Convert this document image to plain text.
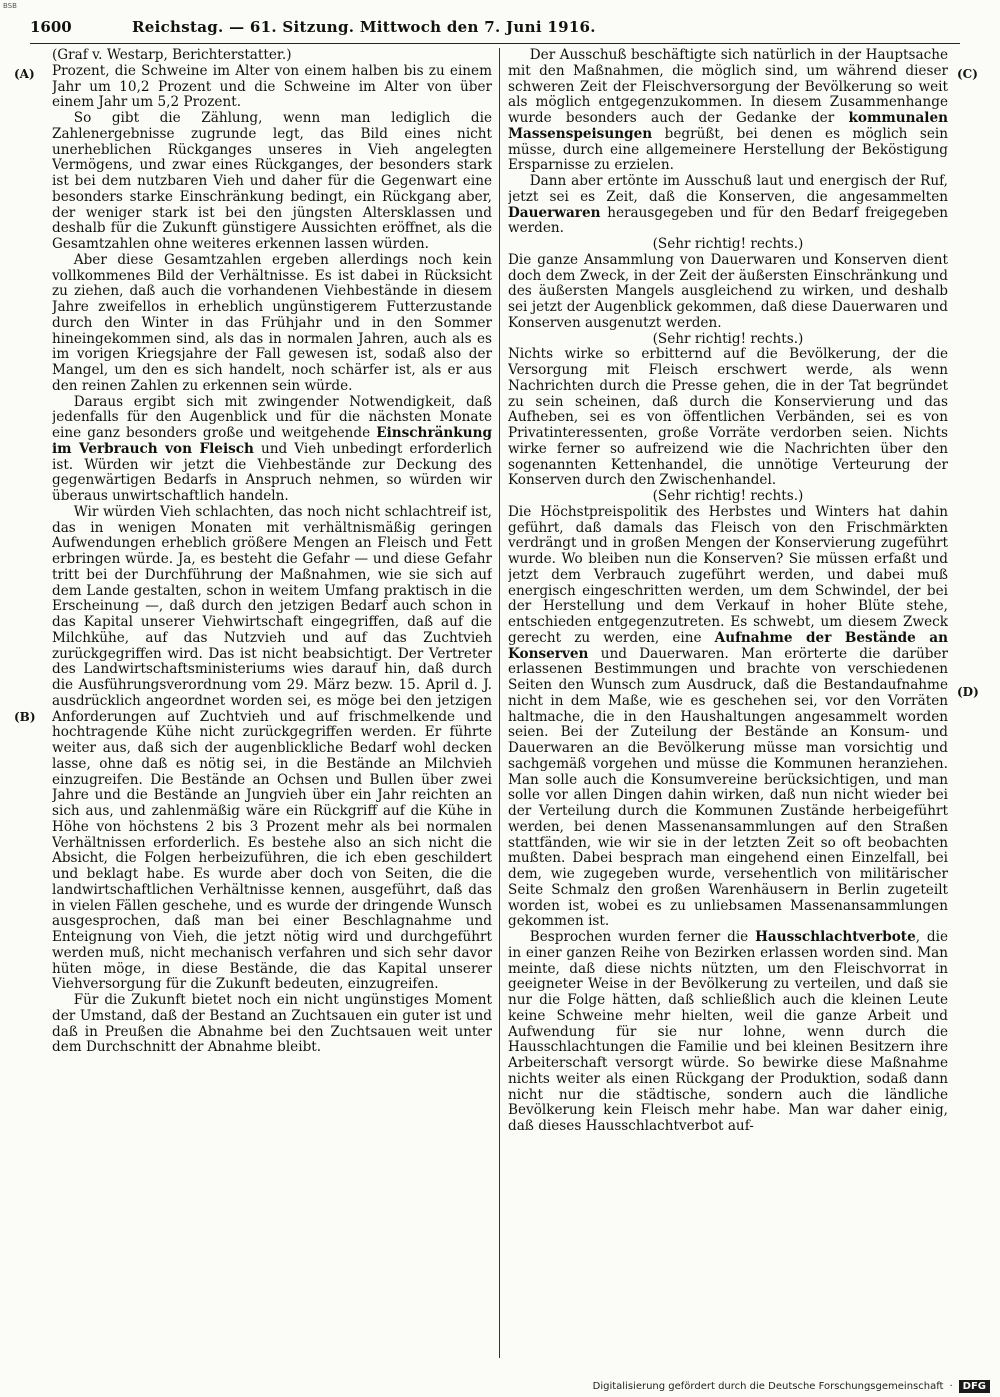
BSB
1600	Reichstag. — 61. Sitzung. Mittwoch den 7. Juni 1916.
(A)
(B)
(C)
(D)

(Graf v. Westarp, Berichterstatter.)

Prozent, die Schweine im Alter von einem halben bis zu einem Jahr um 10,2 Prozent und die Schweine im Alter von über einem Jahr um 5,2 Prozent.

So gibt die Zählung, wenn man lediglich die Zahlenergebnisse zugrunde legt, das Bild eines nicht unerheblichen Rückganges unseres in Vieh angelegten Vermögens, und zwar eines Rückganges, der besonders stark ist bei dem nutzbaren Vieh und daher für die Gegenwart eine besonders starke Einschränkung bedingt, ein Rückgang aber, der weniger stark ist bei den jüngsten Altersklassen und deshalb für die Zukunft günstigere Aussichten eröffnet, als die Gesamtzahlen ohne weiteres erkennen lassen würden.

Aber diese Gesamtzahlen ergeben allerdings noch kein vollkommenes Bild der Verhältnisse. Es ist dabei in Rücksicht zu ziehen, daß auch die vorhandenen Viehbestände in diesem Jahre zweifellos in erheblich ungünstigerem Futterzustande durch den Winter in das Frühjahr und in den Sommer hineingekommen sind, als das in normalen Jahren, auch als es im vorigen Kriegsjahre der Fall gewesen ist, sodaß also der Mangel, um den es sich handelt, noch schärfer ist, als er aus den reinen Zahlen zu erkennen sein würde.

Daraus ergibt sich mit zwingender Notwendigkeit, daß jedenfalls für den Augenblick und für die nächsten Monate eine ganz besonders große und weitgehende Einschränkung im Verbrauch von Fleisch und Vieh unbedingt erforderlich ist. Würden wir jetzt die Viehbestände zur Deckung des gegenwärtigen Bedarfs in Anspruch nehmen, so würden wir überaus unwirtschaftlich handeln.

Wir würden Vieh schlachten, das noch nicht schlachtreif ist, das in wenigen Monaten mit verhältnismäßig geringen Aufwendungen erheblich größere Mengen an Fleisch und Fett erbringen würde. Ja, es besteht die Gefahr — und diese Gefahr tritt bei der Durchführung der Maßnahmen, wie sie sich auf dem Lande gestalten, schon in weitem Umfang praktisch in die Erscheinung —, daß durch den jetzigen Bedarf auch schon in das Kapital unserer Viehwirtschaft eingegriffen, daß auf die Milchkühe, auf das Nutzvieh und auf das Zuchtvieh zurückgegriffen wird. Das ist nicht beabsichtigt. Der Vertreter des Landwirtschaftsministeriums wies darauf hin, daß durch die Ausführungsverordnung vom 29. März bezw. 15. April d. J. ausdrücklich angeordnet worden sei, es möge bei den jetzigen Anforderungen auf Zuchtvieh und auf frischmelkende und hochtragende Kühe nicht zurückgegriffen werden. Er führte weiter aus, daß sich der augenblickliche Bedarf wohl decken lasse, ohne daß es nötig sei, in die Bestände an Milchvieh einzugreifen. Die Bestände an Ochsen und Bullen über zwei Jahre und die Bestände an Jungvieh über ein Jahr reichten an sich aus, und zahlenmäßig wäre ein Rückgriff auf die Kühe in Höhe von höchstens 2 bis 3 Prozent mehr als bei normalen Verhältnissen erforderlich. Es bestehe also an sich nicht die Absicht, die Folgen herbeizuführen, die ich eben geschildert und beklagt habe. Es wurde aber doch von Seiten, die die landwirtschaftlichen Verhältnisse kennen, ausgeführt, daß das in vielen Fällen geschehe, und es wurde der dringende Wunsch ausgesprochen, daß man bei einer Beschlagnahme und Enteignung von Vieh, die jetzt nötig wird und durchgeführt werden muß, nicht mechanisch verfahren und sich sehr davor hüten möge, in diese Bestände, die das Kapital unserer Viehversorgung für die Zukunft bedeuten, einzugreifen.

Für die Zukunft bietet noch ein nicht ungünstiges Moment der Umstand, daß der Bestand an Zuchtsauen ein guter ist und daß in Preußen die Abnahme bei den Zuchtsauen weit unter dem Durchschnitt der Abnahme bleibt.

Der Ausschuß beschäftigte sich natürlich in der Hauptsache mit den Maßnahmen, die möglich sind, um während dieser schweren Zeit der Fleischversorgung der Bevölkerung so weit als möglich entgegenzukommen. In diesem Zusammenhange wurde besonders auch der Gedanke der kommunalen Massenspeisungen begrüßt, bei denen es möglich sein müsse, durch eine allgemeinere Herstellung der Beköstigung Ersparnisse zu erzielen.

Dann aber ertönte im Ausschuß laut und energisch der Ruf, jetzt sei es Zeit, daß die Konserven, die angesammelten Dauerwaren herausgegeben und für den Bedarf freigegeben werden.

(Sehr richtig! rechts.)

Die ganze Ansammlung von Dauerwaren und Konserven dient doch dem Zweck, in der Zeit der äußersten Einschränkung und des äußersten Mangels ausgleichend zu wirken, und deshalb sei jetzt der Augenblick gekommen, daß diese Dauerwaren und Konserven ausgenutzt werden.

(Sehr richtig! rechts.)

Nichts wirke so erbitternd auf die Bevölkerung, der die Versorgung mit Fleisch erschwert werde, als wenn Nachrichten durch die Presse gehen, die in der Tat begründet zu sein scheinen, daß durch die Konservierung und das Aufheben, sei es von öffentlichen Verbänden, sei es von Privatinteressenten, große Vorräte verdorben seien. Nichts wirke ferner so aufreizend wie die Nachrichten über den sogenannten Kettenhandel, die unnötige Verteurung der Konserven durch den Zwischenhandel.

(Sehr richtig! rechts.)

Die Höchstpreispolitik des Herbstes und Winters hat dahin geführt, daß damals das Fleisch von den Frischmärkten verdrängt und in großen Mengen der Konservierung zugeführt wurde. Wo bleiben nun die Konserven? Sie müssen erfaßt und jetzt dem Verbrauch zugeführt werden, und dabei muß energisch eingeschritten werden, um dem Schwindel, der bei der Herstellung und dem Verkauf in hoher Blüte stehe, entschieden entgegenzutreten. Es schwebt, um diesem Zweck gerecht zu werden, eine Aufnahme der Bestände an Konserven und Dauerwaren. Man erörterte die darüber erlassenen Bestimmungen und brachte von verschiedenen Seiten den Wunsch zum Ausdruck, daß die Bestandaufnahme nicht in dem Maße, wie es geschehen sei, vor den Vorräten haltmache, die in den Haushaltungen angesammelt worden seien. Bei der Zuteilung der Bestände an Konsum- und Dauerwaren an die Bevölkerung müsse man vorsichtig und sachgemäß vorgehen und müsse die Kommunen heranziehen. Man solle auch die Konsumvereine berücksichtigen, und man solle vor allen Dingen dahin wirken, daß nun nicht wieder bei der Verteilung durch die Kommunen Zustände herbeigeführt werden, bei denen Massenansammlungen auf den Straßen stattfänden, wie wir sie in der letzten Zeit so oft beobachten mußten. Dabei besprach man eingehend einen Einzelfall, bei dem, wie zugegeben wurde, versehentlich von militärischer Seite Schmalz den großen Warenhäusern in Berlin zugeteilt worden ist, wobei es zu unliebsamen Massenansammlungen gekommen ist.

Besprochen wurden ferner die Hausschlachtverbote, die in einer ganzen Reihe von Bezirken erlassen worden sind. Man meinte, daß diese nichts nützten, um den Fleischvorrat in geeigneter Weise in der Bevölkerung zu verteilen, und daß sie nur die Folge hätten, daß schließlich auch die kleinen Leute keine Schweine mehr hielten, weil die ganze Arbeit und Aufwendung für sie nur lohne, wenn durch die Hausschlachtungen die Familie und bei kleinen Besitzern ihre Arbeiterschaft versorgt würde. So bewirke diese Maßnahme nichts weiter als einen Rückgang der Produktion, sodaß dann nicht nur die städtische, sondern auch die ländliche Bevölkerung kein Fleisch mehr habe. Man war daher einig, daß dieses Hausschlachtverbot auf-

Digitalisierung gefördert durch die Deutsche Forschungsgemeinschaft ·	DFG
